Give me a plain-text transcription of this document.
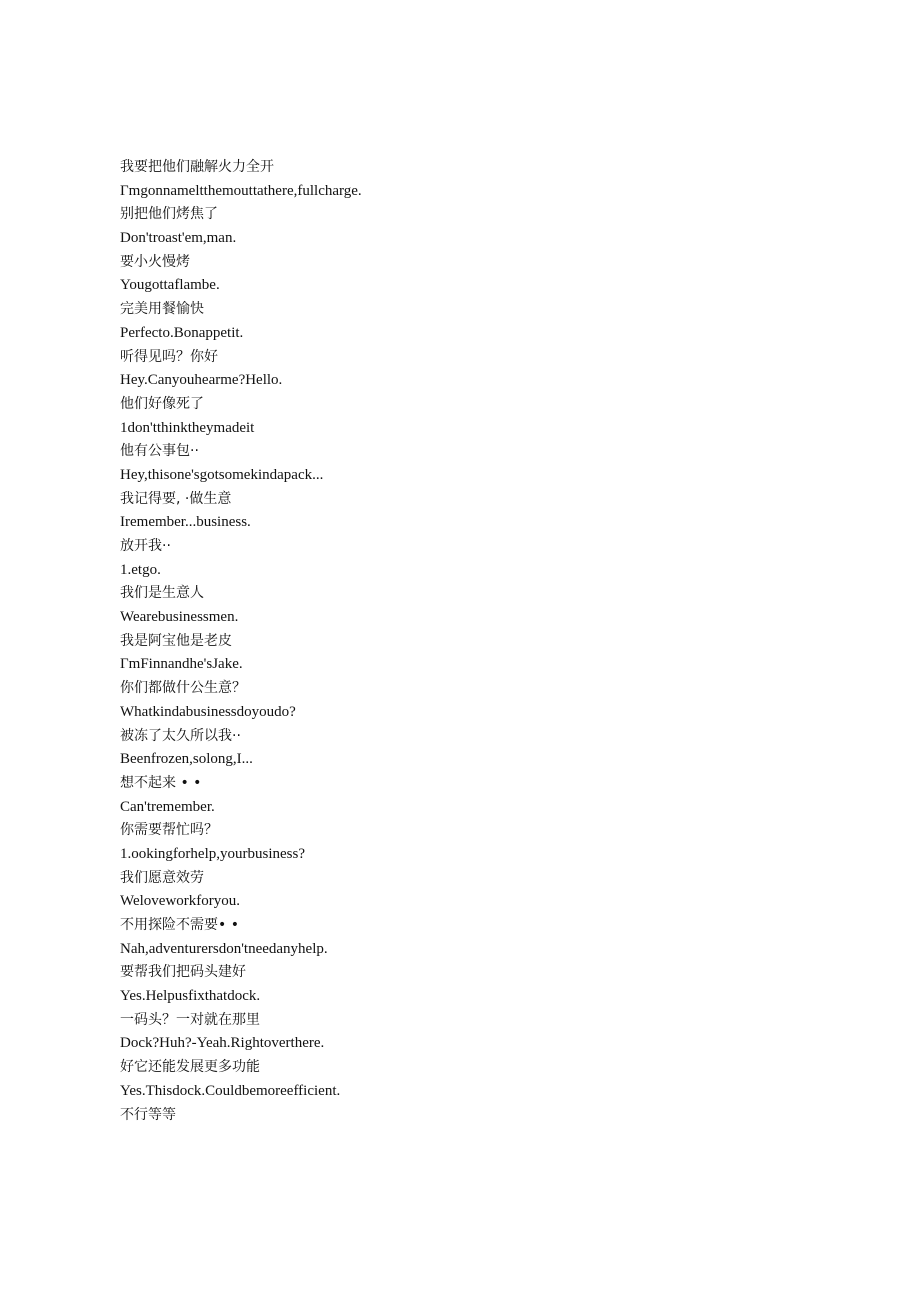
我要把他们融解火力全开
Γmgonnameltthemouttathere,fullcharge.
别把他们烤焦了
Don'troast'em,man.
要小火慢烤
Yougottaflambe.
完美用餐愉快
Perfecto.Bonappetit.
听得见吗？你好
Hey.Canyouhearme?Hello.
他们好像死了
1don'tthinktheymadeit
他有公事包··
Hey,thisone'sgotsomekindapack...
我记得要, ·做生意
Iremember...business.
放开我··
1.etgo.
我们是生意人
Wearebusinessmen.
我是阿宝他是老皮
ΓmFinnandhe'sJake.
你们都做什公生意？
Whatkindabusinessdoyoudo?
被冻了太久所以我··
Beenfrozen,solong,I...
想不起来 • •
Can'tremember.
你需要帮忙吗？
1.ookingforhelp,yourbusiness?
我们愿意效劳
Weloveworkforyou.
不用探险不需要• •
Nah,adventurersdon'tneedanyhelp.
要帮我们把码头建好
Yes.Helpusfixthatdock.
一码头？一对就在那里
Dock?Huh?-Yeah.Rightoverthere.
好它还能发展更多功能
Yes.Thisdock.Couldbemoreefficient.
不行等等
